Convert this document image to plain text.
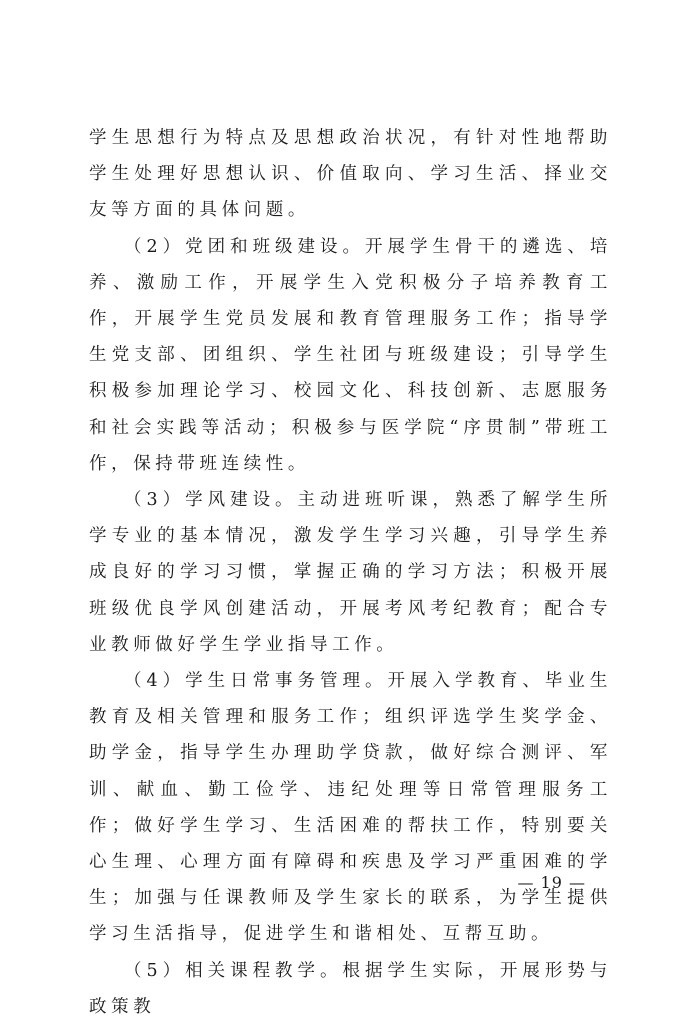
学生思想行为特点及思想政治状况，有针对性地帮助学生处理好思想认识、价值取向、学习生活、择业交友等方面的具体问题。

（2）党团和班级建设。开展学生骨干的遴选、培养、激励工作，开展学生入党积极分子培养教育工作，开展学生党员发展和教育管理服务工作；指导学生党支部、团组织、学生社团与班级建设；引导学生积极参加理论学习、校园文化、科技创新、志愿服务和社会实践等活动；积极参与医学院“序贯制”带班工作，保持带班连续性。

（3）学风建设。主动进班听课，熟悉了解学生所学专业的基本情况，激发学生学习兴趣，引导学生养成良好的学习习惯，掌握正确的学习方法；积极开展班级优良学风创建活动，开展考风考纪教育；配合专业教师做好学生学业指导工作。

（4）学生日常事务管理。开展入学教育、毕业生教育及相关管理和服务工作；组织评选学生奖学金、助学金，指导学生办理助学贷款，做好综合测评、军训、献血、勤工俭学、违纪处理等日常管理服务工作；做好学生学习、生活困难的帮扶工作，特别要关心生理、心理方面有障碍和疾患及学习严重困难的学生；加强与任课教师及学生家长的联系，为学生提供学习生活指导，促进学生和谐相处、互帮互助。

（5）相关课程教学。根据学生实际，开展形势与政策教

— 19 —
